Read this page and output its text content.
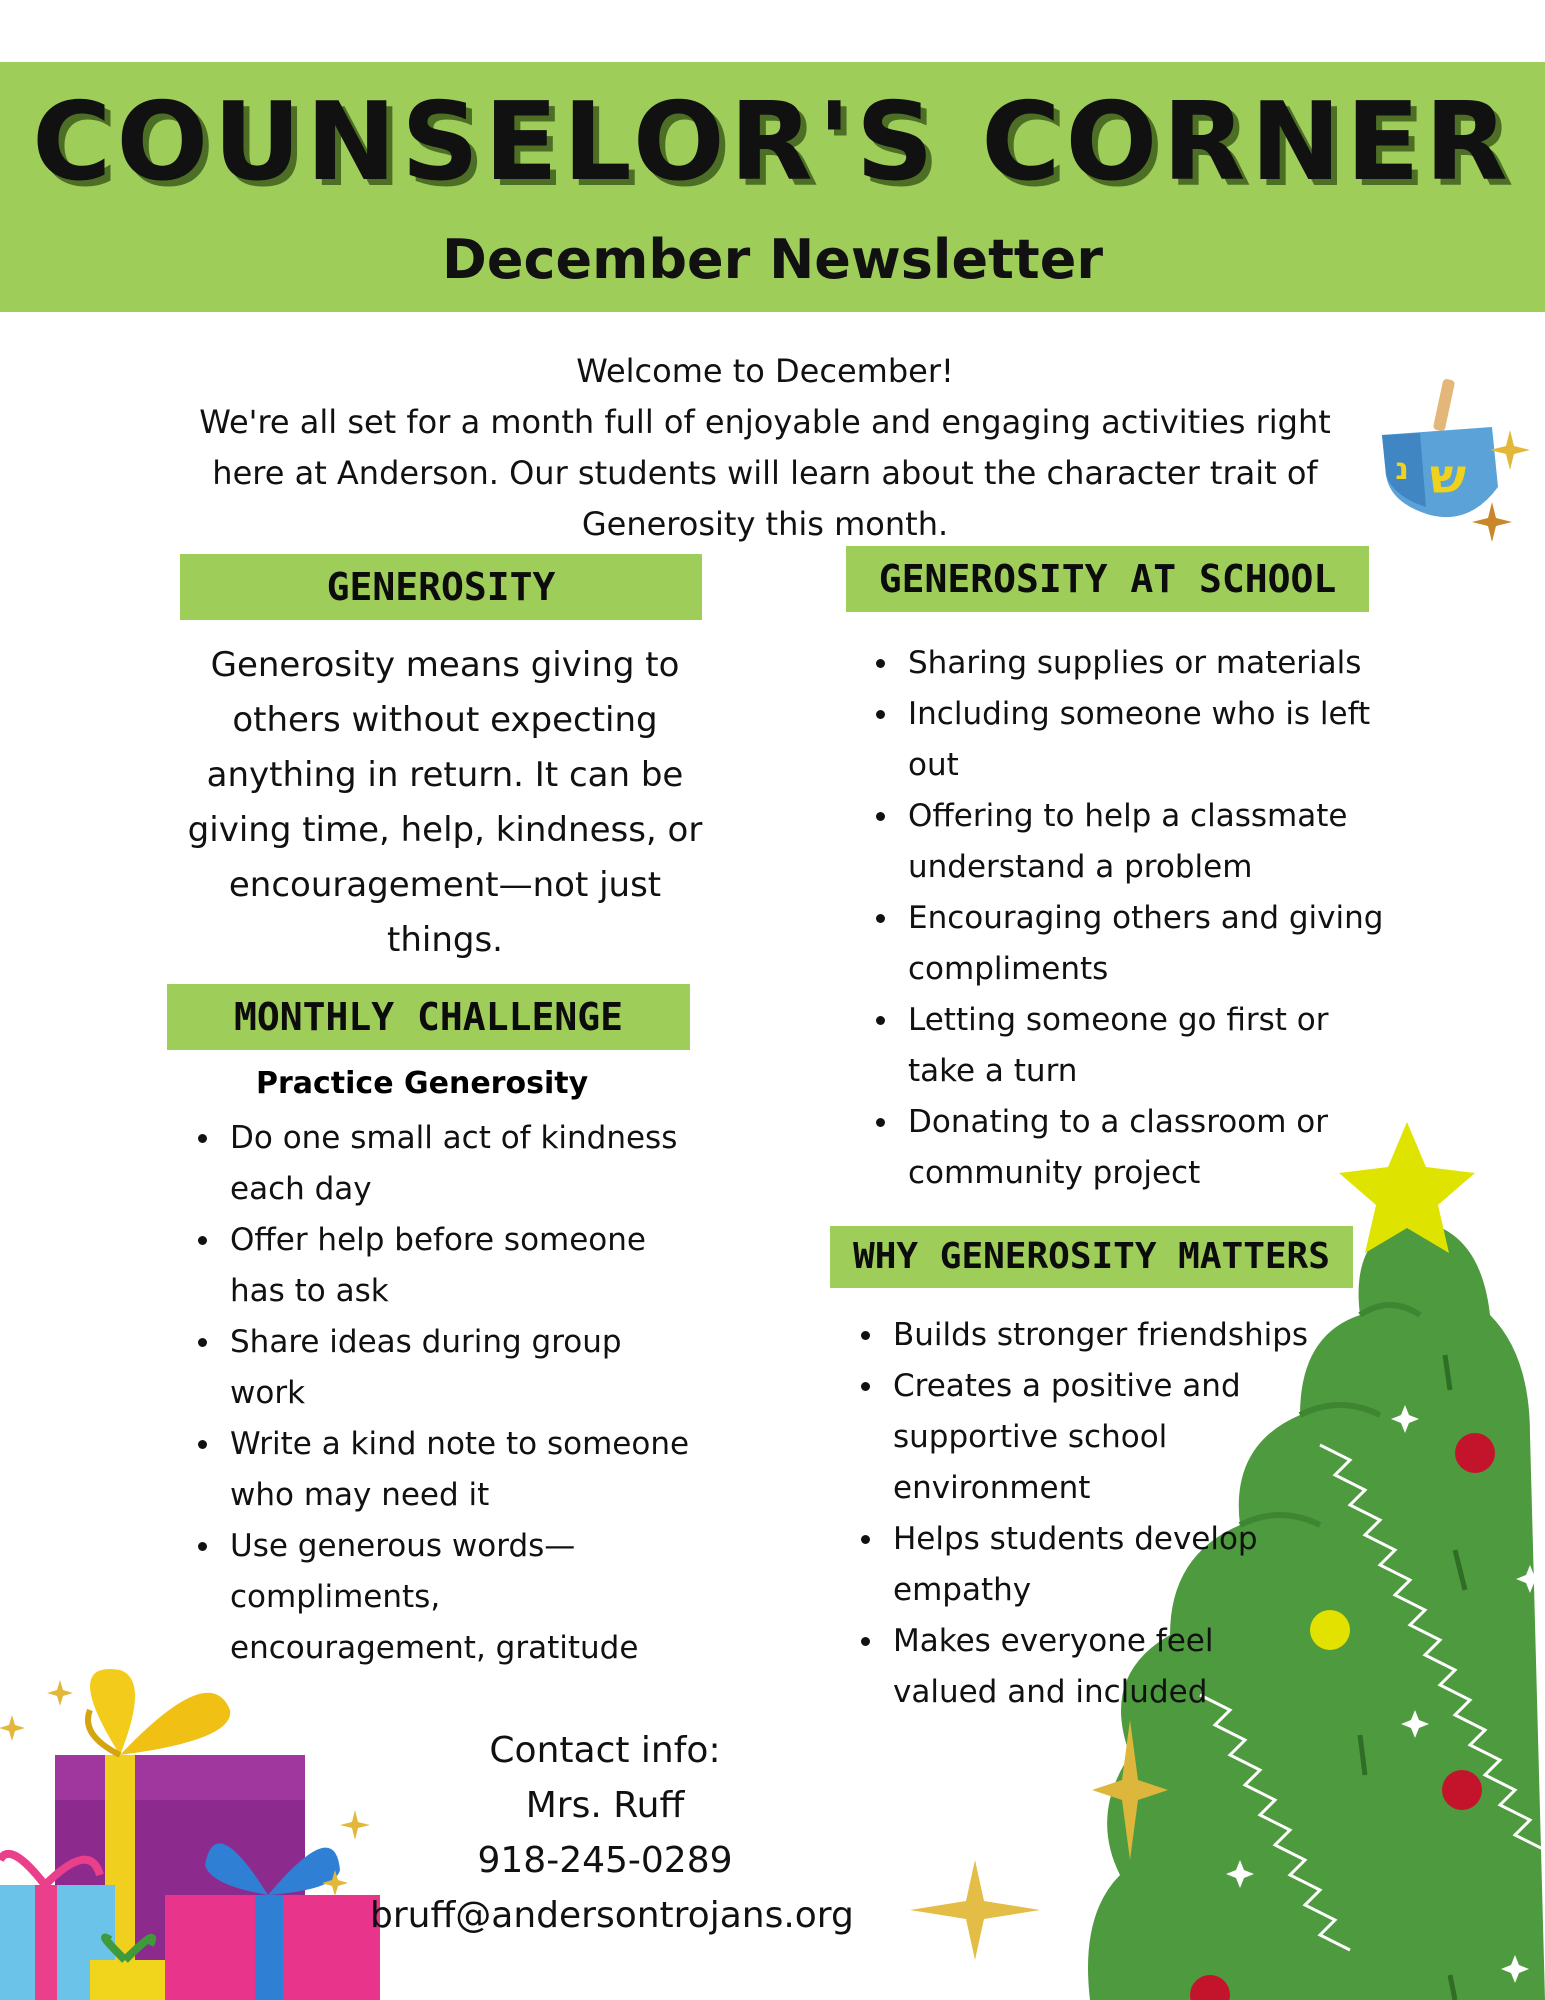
COUNSELOR'S CORNER
December Newsletter
Welcome to December!
We're all set for a month full of enjoyable and engaging activities right
here at Anderson. Our students will learn about the character trait of
Generosity this month.
ש
נ
GENEROSITY
Generosity means giving to
others without expecting
anything in return. It can be
giving time, help, kindness, or
encouragement—not just
things.
MONTHLY CHALLENGE
Practice Generosity
Do one small act of kindness each day
Offer help before someone has to ask
Share ideas during group work
Write a kind note to someone who may need it
Use generous words—compliments, encouragement, gratitude
GENEROSITY AT SCHOOL
Sharing supplies or materials
Including someone who is left out
Offering to help a classmate understand a problem
Encouraging others and giving compliments
Letting someone go first or take a turn
Donating to a classroom or community project
WHY GENEROSITY MATTERS
Builds stronger friendships
Creates a positive and supportive school environment
Helps students develop empathy
Makes everyone feel valued and included
Contact info:
Mrs. Ruff
918-245-0289
bruff@andersontrojans.org
